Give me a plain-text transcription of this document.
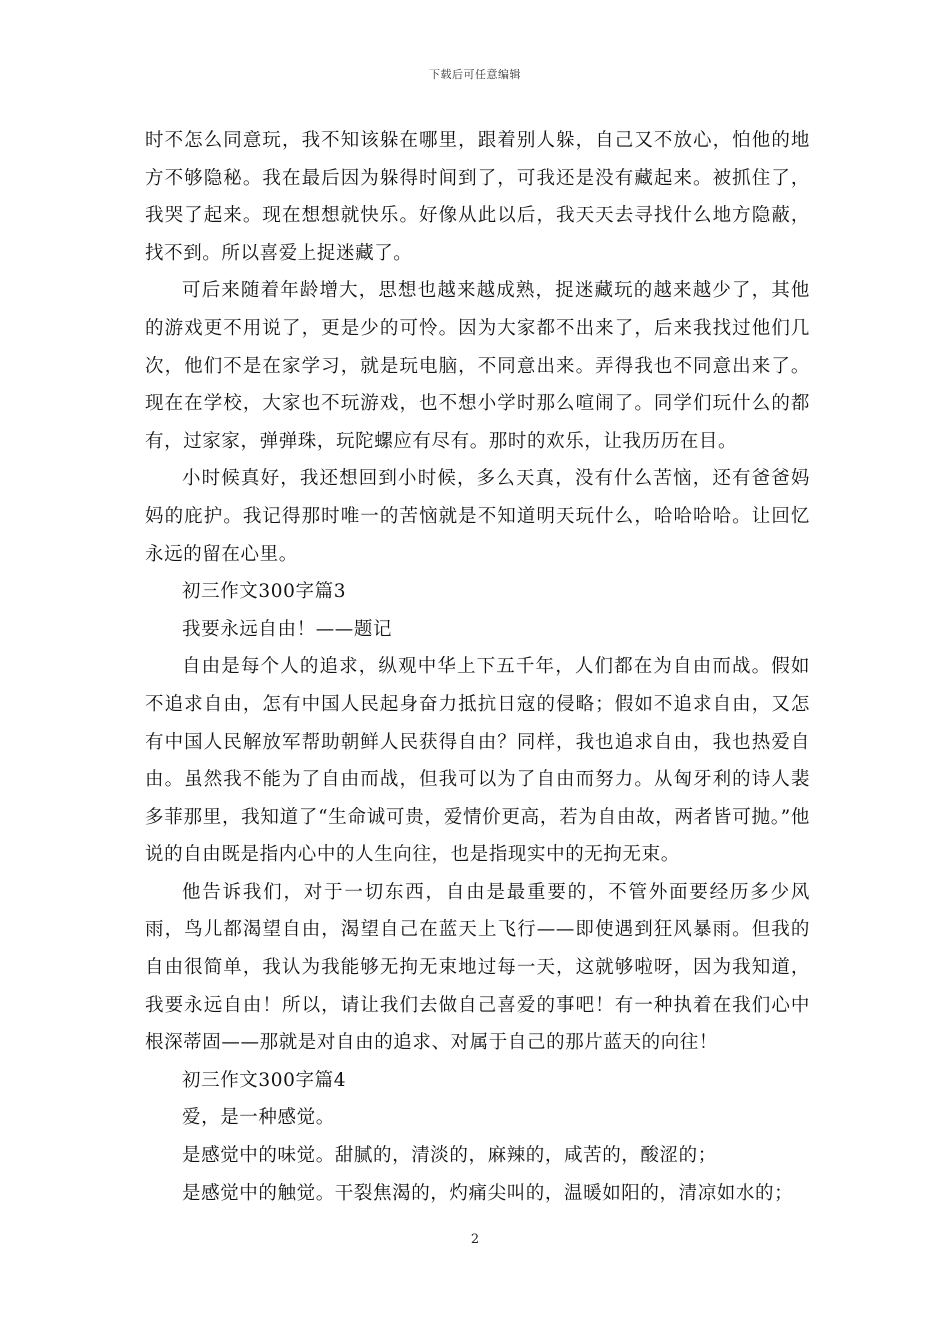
下载后可任意编辑

时不怎么同意玩，我不知该躲在哪里，跟着别人躲，自己又不放心，怕他的地方不够隐秘。我在最后因为躲得时间到了，可我还是没有藏起来。被抓住了，我哭了起来。现在想想就快乐。好像从此以后，我天天去寻找什么地方隐蔽，找不到。所以喜爱上捉迷藏了。

可后来随着年龄增大，思想也越来越成熟，捉迷藏玩的越来越少了，其他的游戏更不用说了，更是少的可怜。因为大家都不出来了，后来我找过他们几次，他们不是在家学习，就是玩电脑，不同意出来。弄得我也不同意出来了。现在在学校，大家也不玩游戏，也不想小学时那么喧闹了。同学们玩什么的都有，过家家，弹弹珠，玩陀螺应有尽有。那时的欢乐，让我历历在目。

小时候真好，我还想回到小时候，多么天真，没有什么苦恼，还有爸爸妈妈的庇护。我记得那时唯一的苦恼就是不知道明天玩什么，哈哈哈哈。让回忆永远的留在心里。

初三作文300字篇3

我要永远自由！——题记

自由是每个人的追求，纵观中华上下五千年，人们都在为自由而战。假如不追求自由，怎有中国人民起身奋力抵抗日寇的侵略；假如不追求自由，又怎有中国人民解放军帮助朝鲜人民获得自由？同样，我也追求自由，我也热爱自由。虽然我不能为了自由而战，但我可以为了自由而努力。从匈牙利的诗人裴多菲那里，我知道了“生命诚可贵，爱情价更高，若为自由故，两者皆可抛。”他说的自由既是指内心中的人生向往，也是指现实中的无拘无束。

他告诉我们，对于一切东西，自由是最重要的，不管外面要经历多少风雨，鸟儿都渴望自由，渴望自己在蓝天上飞行——即使遇到狂风暴雨。但我的自由很简单，我认为我能够无拘无束地过每一天，这就够啦呀，因为我知道，我要永远自由！所以，请让我们去做自己喜爱的事吧！有一种执着在我们心中根深蒂固——那就是对自由的追求、对属于自己的那片蓝天的向往！

初三作文300字篇4

爱，是一种感觉。

是感觉中的味觉。甜腻的，清淡的，麻辣的，咸苦的，酸涩的；

是感觉中的触觉。干裂焦渴的，灼痛尖叫的，温暖如阳的，清凉如水的；

2
